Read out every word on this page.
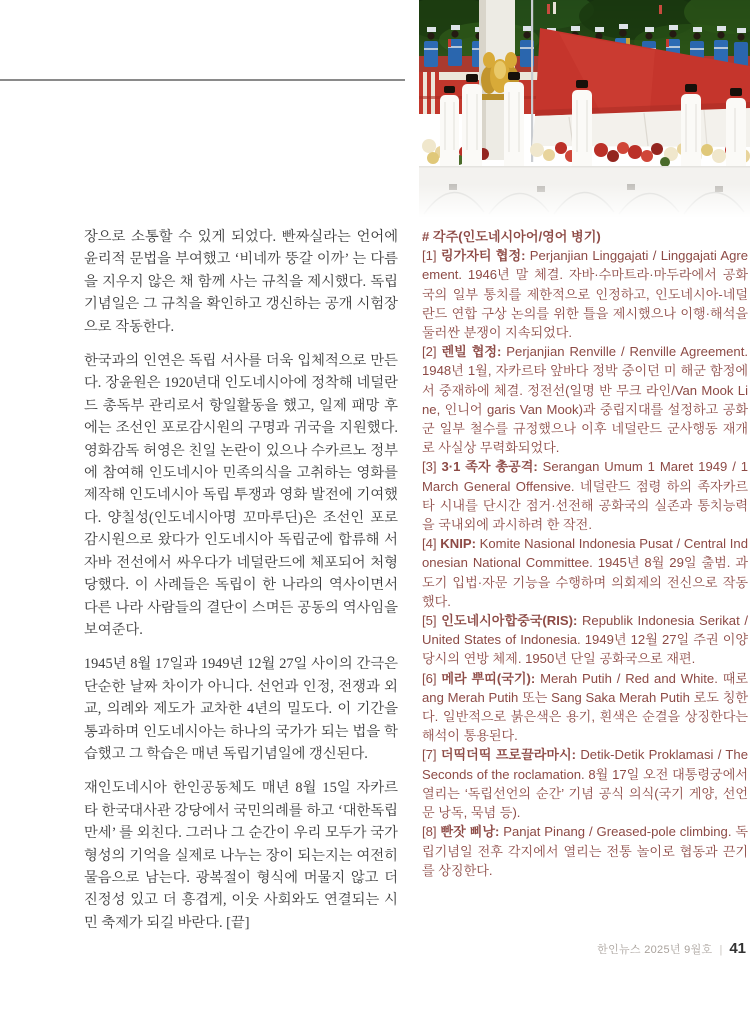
장으로 소통할 수 있게 되었다. 빤짜실라는 언어에 윤리적 문법을 부여했고 ‘비네까 뚱갈 이까’ 는 다름을 지우지 않은 채 함께 사는 규칙을 제시했다. 독립기념일은 그 규칙을 확인하고 갱신하는 공개 시험장으로 작동한다.

한국과의 인연은 독립 서사를 더욱 입체적으로 만든다. 장윤원은 1920년대 인도네시아에 정착해 네덜란드 총독부 관리로서 항일활동을 했고, 일제 패망 후에는 조선인 포로감시원의 구명과 귀국을 지원했다. 영화감독 허영은 친일 논란이 있으나 수카르노 정부에 참여해 인도네시아 민족의식을 고취하는 영화를 제작해 인도네시아 독립 투쟁과 영화 발전에 기여했다. 양칠성(인도네시아명 꼬마루딘)은 조선인 포로감시원으로 왔다가 인도네시아 독립군에 합류해 서자바 전선에서 싸우다가 네덜란드에 체포되어 처형당했다. 이 사례들은 독립이 한 나라의 역사이면서 다른 나라 사람들의 결단이 스며든 공동의 역사임을 보여준다.

1945년 8월 17일과 1949년 12월 27일 사이의 간극은 단순한 날짜 차이가 아니다. 선언과 인정, 전쟁과 외교, 의례와 제도가 교차한 4년의 밀도다. 이 기간을 통과하며 인도네시아는 하나의 국가가 되는 법을 학습했고 그 학습은 매년 독립기념일에 갱신된다.

재인도네시아 한인공동체도 매년 8월 15일 자카르타 한국대사관 강당에서 국민의례를 하고 ‘대한독립 만세’ 를 외친다. 그러나 그 순간이 우리 모두가 국가 형성의 기억을 실제로 나누는 장이 되는지는 여전히 물음으로 남는다. 광복절이 형식에 머물지 않고 더 진정성 있고 더 흥겹게, 이웃 사회와도 연결되는 시민 축제가 되길 바란다. [끝]

# 각주(인도네시아어/영어 병기)

[1] 링가자티 협정: Perjanjian Linggajati / Linggajati Agreement. 1946년 말 체결. 자바·수마트라·마두라에서 공화국의 일부 통치를 제한적으로 인정하고, 인도네시아-네덜란드 연합 구상 논의를 위한 틀을 제시했으나 이행·해석을 둘러싼 분쟁이 지속되었다.

[2] 렌빌 협정: Perjanjian Renville / Renville Agreement. 1948년 1월, 자카르타 앞바다 정박 중이던 미 해군 함정에서 중재하에 체결. 정전선(일명 반 무크 라인/Van Mook Line, 인니어 garis Van Mook)과 중립지대를 설정하고 공화군 일부 철수를 규정했으나 이후 네덜란드 군사행동 재개로 사실상 무력화되었다.

[3] 3·1 족자 총공격: Serangan Umum 1 Maret 1949 / 1 March General Offensive. 네덜란드 점령 하의 족자카르타 시내를 단시간 점거·선전해 공화국의 실존과 통치능력을 국내외에 과시하려 한 작전.

[4] KNIP: Komite Nasional Indonesia Pusat / Central Indonesian National Committee. 1945년 8월 29일 출범. 과도기 입법·자문 기능을 수행하며 의회제의 전신으로 작동했다.

[5] 인도네시아합중국(RIS): Republik Indonesia Serikat / United States of Indonesia. 1949년 12월 27일 주권 이양 당시의 연방 체제. 1950년 단일 공화국으로 재편.

[6] 메라 뿌띠(국기): Merah Putih / Red and White. 때로 ang Merah Putih 또는 Sang Saka Merah Putih 로도 칭한다. 일반적으로 붉은색은 용기, 흰색은 순결을 상징한다는 해석이 통용된다.

[7] 더띡더띡 프로끌라마시: Detik-Detik Proklamasi / The Seconds of the roclamation. 8월 17일 오전 대통령궁에서 열리는 ‘독립선언의 순간’ 기념 공식 의식(국기 게양, 선언문 낭독, 묵념 등).

[8] 빤잣 삐낭: Panjat Pinang / Greased-pole climbing. 독립기념일 전후 각지에서 열리는 전통 놀이로 협동과 끈기를 상징한다.

한인뉴스 2025년 9월호 | 41
